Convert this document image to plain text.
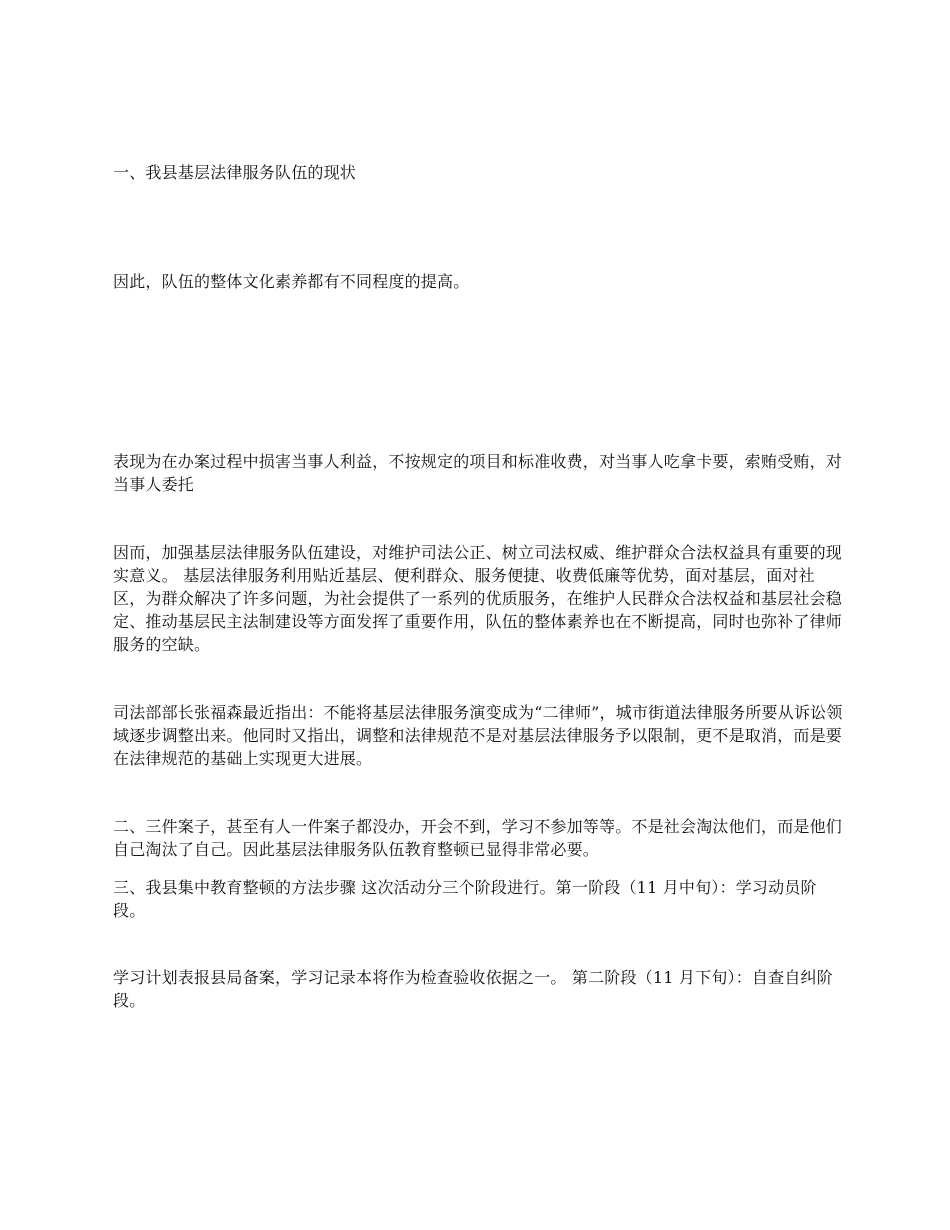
一、我县基层法律服务队伍的现状

因此，队伍的整体文化素养都有不同程度的提高。

表现为在办案过程中损害当事人利益，不按规定的项目和标准收费，对当事人吃拿卡要，索贿受贿，对当事人委托

因而，加强基层法律服务队伍建设，对维护司法公正、树立司法权威、维护群众合法权益具有重要的现实意义。 基层法律服务利用贴近基层、便利群众、服务便捷、收费低廉等优势，面对基层，面对社区，为群众解决了许多问题，为社会提供了一系列的优质服务，在维护人民群众合法权益和基层社会稳定、推动基层民主法制建设等方面发挥了重要作用，队伍的整体素养也在不断提高，同时也弥补了律师服务的空缺。

司法部部长张福森最近指出：不能将基层法律服务演变成为“二律师”，城市街道法律服务所要从诉讼领域逐步调整出来。他同时又指出，调整和法律规范不是对基层法律服务予以限制，更不是取消，而是要在法律规范的基础上实现更大进展。

二、三件案子，甚至有人一件案子都没办，开会不到，学习不参加等等。不是社会淘汰他们，而是他们自己淘汰了自己。因此基层法律服务队伍教育整顿已显得非常必要。

三、我县集中教育整顿的方法步骤 这次活动分三个阶段进行。第一阶段（11 月中旬）：学习动员阶段。

学习计划表报县局备案，学习记录本将作为检查验收依据之一。 第二阶段（11 月下旬）：自查自纠阶段。
